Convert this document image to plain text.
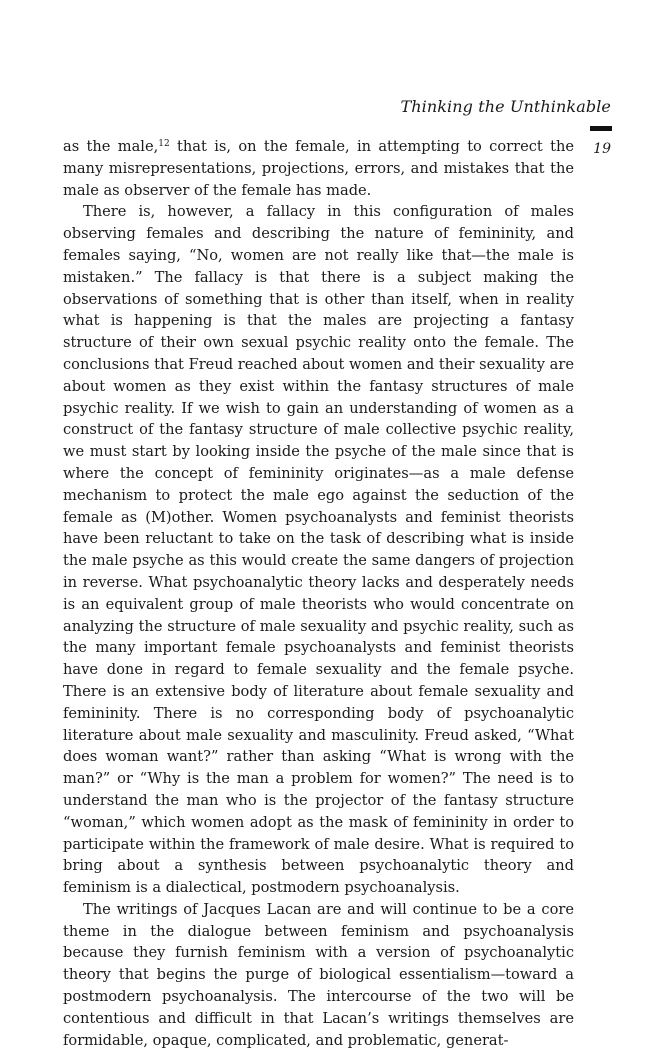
Thinking the Unthinkable
19

as the male,$^{12}$ that is, on the female, in attempting to correct the many misrepresentations, projections, errors, and mistakes that the male as observer of the female has made.

There is, however, a fallacy in this configuration of males observing females and describing the nature of femininity, and females saying, “No, women are not really like that—the male is mistaken.” The fallacy is that there is a subject making the observations of something that is other than itself, when in reality what is happening is that the males are projecting a fantasy structure of their own sexual psychic reality onto the female. The conclusions that Freud reached about women and their sexuality are about women as they exist within the fantasy structures of male psychic reality. If we wish to gain an understanding of women as a construct of the fantasy structure of male collective psychic reality, we must start by looking inside the psyche of the male since that is where the concept of femininity originates—as a male defense mechanism to protect the male ego against the seduction of the female as (M)other. Women psychoanalysts and feminist theorists have been reluctant to take on the task of describing what is inside the male psyche as this would create the same dangers of projection in reverse. What psychoanalytic theory lacks and desperately needs is an equivalent group of male theorists who would concentrate on analyzing the structure of male sexuality and psychic reality, such as the many important female psychoanalysts and feminist theorists have done in regard to female sexuality and the female psyche. There is an extensive body of literature about female sexuality and femininity. There is no corresponding body of psychoanalytic literature about male sexuality and masculinity. Freud asked, “What does woman want?” rather than asking “What is wrong with the man?” or “Why is the man a problem for women?” The need is to understand the man who is the projector of the fantasy structure “woman,” which women adopt as the mask of femininity in order to participate within the framework of male desire. What is required to bring about a synthesis between psychoanalytic theory and feminism is a dialectical, postmodern psychoanalysis.

The writings of Jacques Lacan are and will continue to be a core theme in the dialogue between feminism and psychoanalysis because they furnish feminism with a version of psychoanalytic theory that begins the purge of biological essentialism—toward a postmodern psychoanalysis. The intercourse of the two will be contentious and difficult in that Lacan’s writings themselves are formidable, opaque, complicated, and problematic, generat-
